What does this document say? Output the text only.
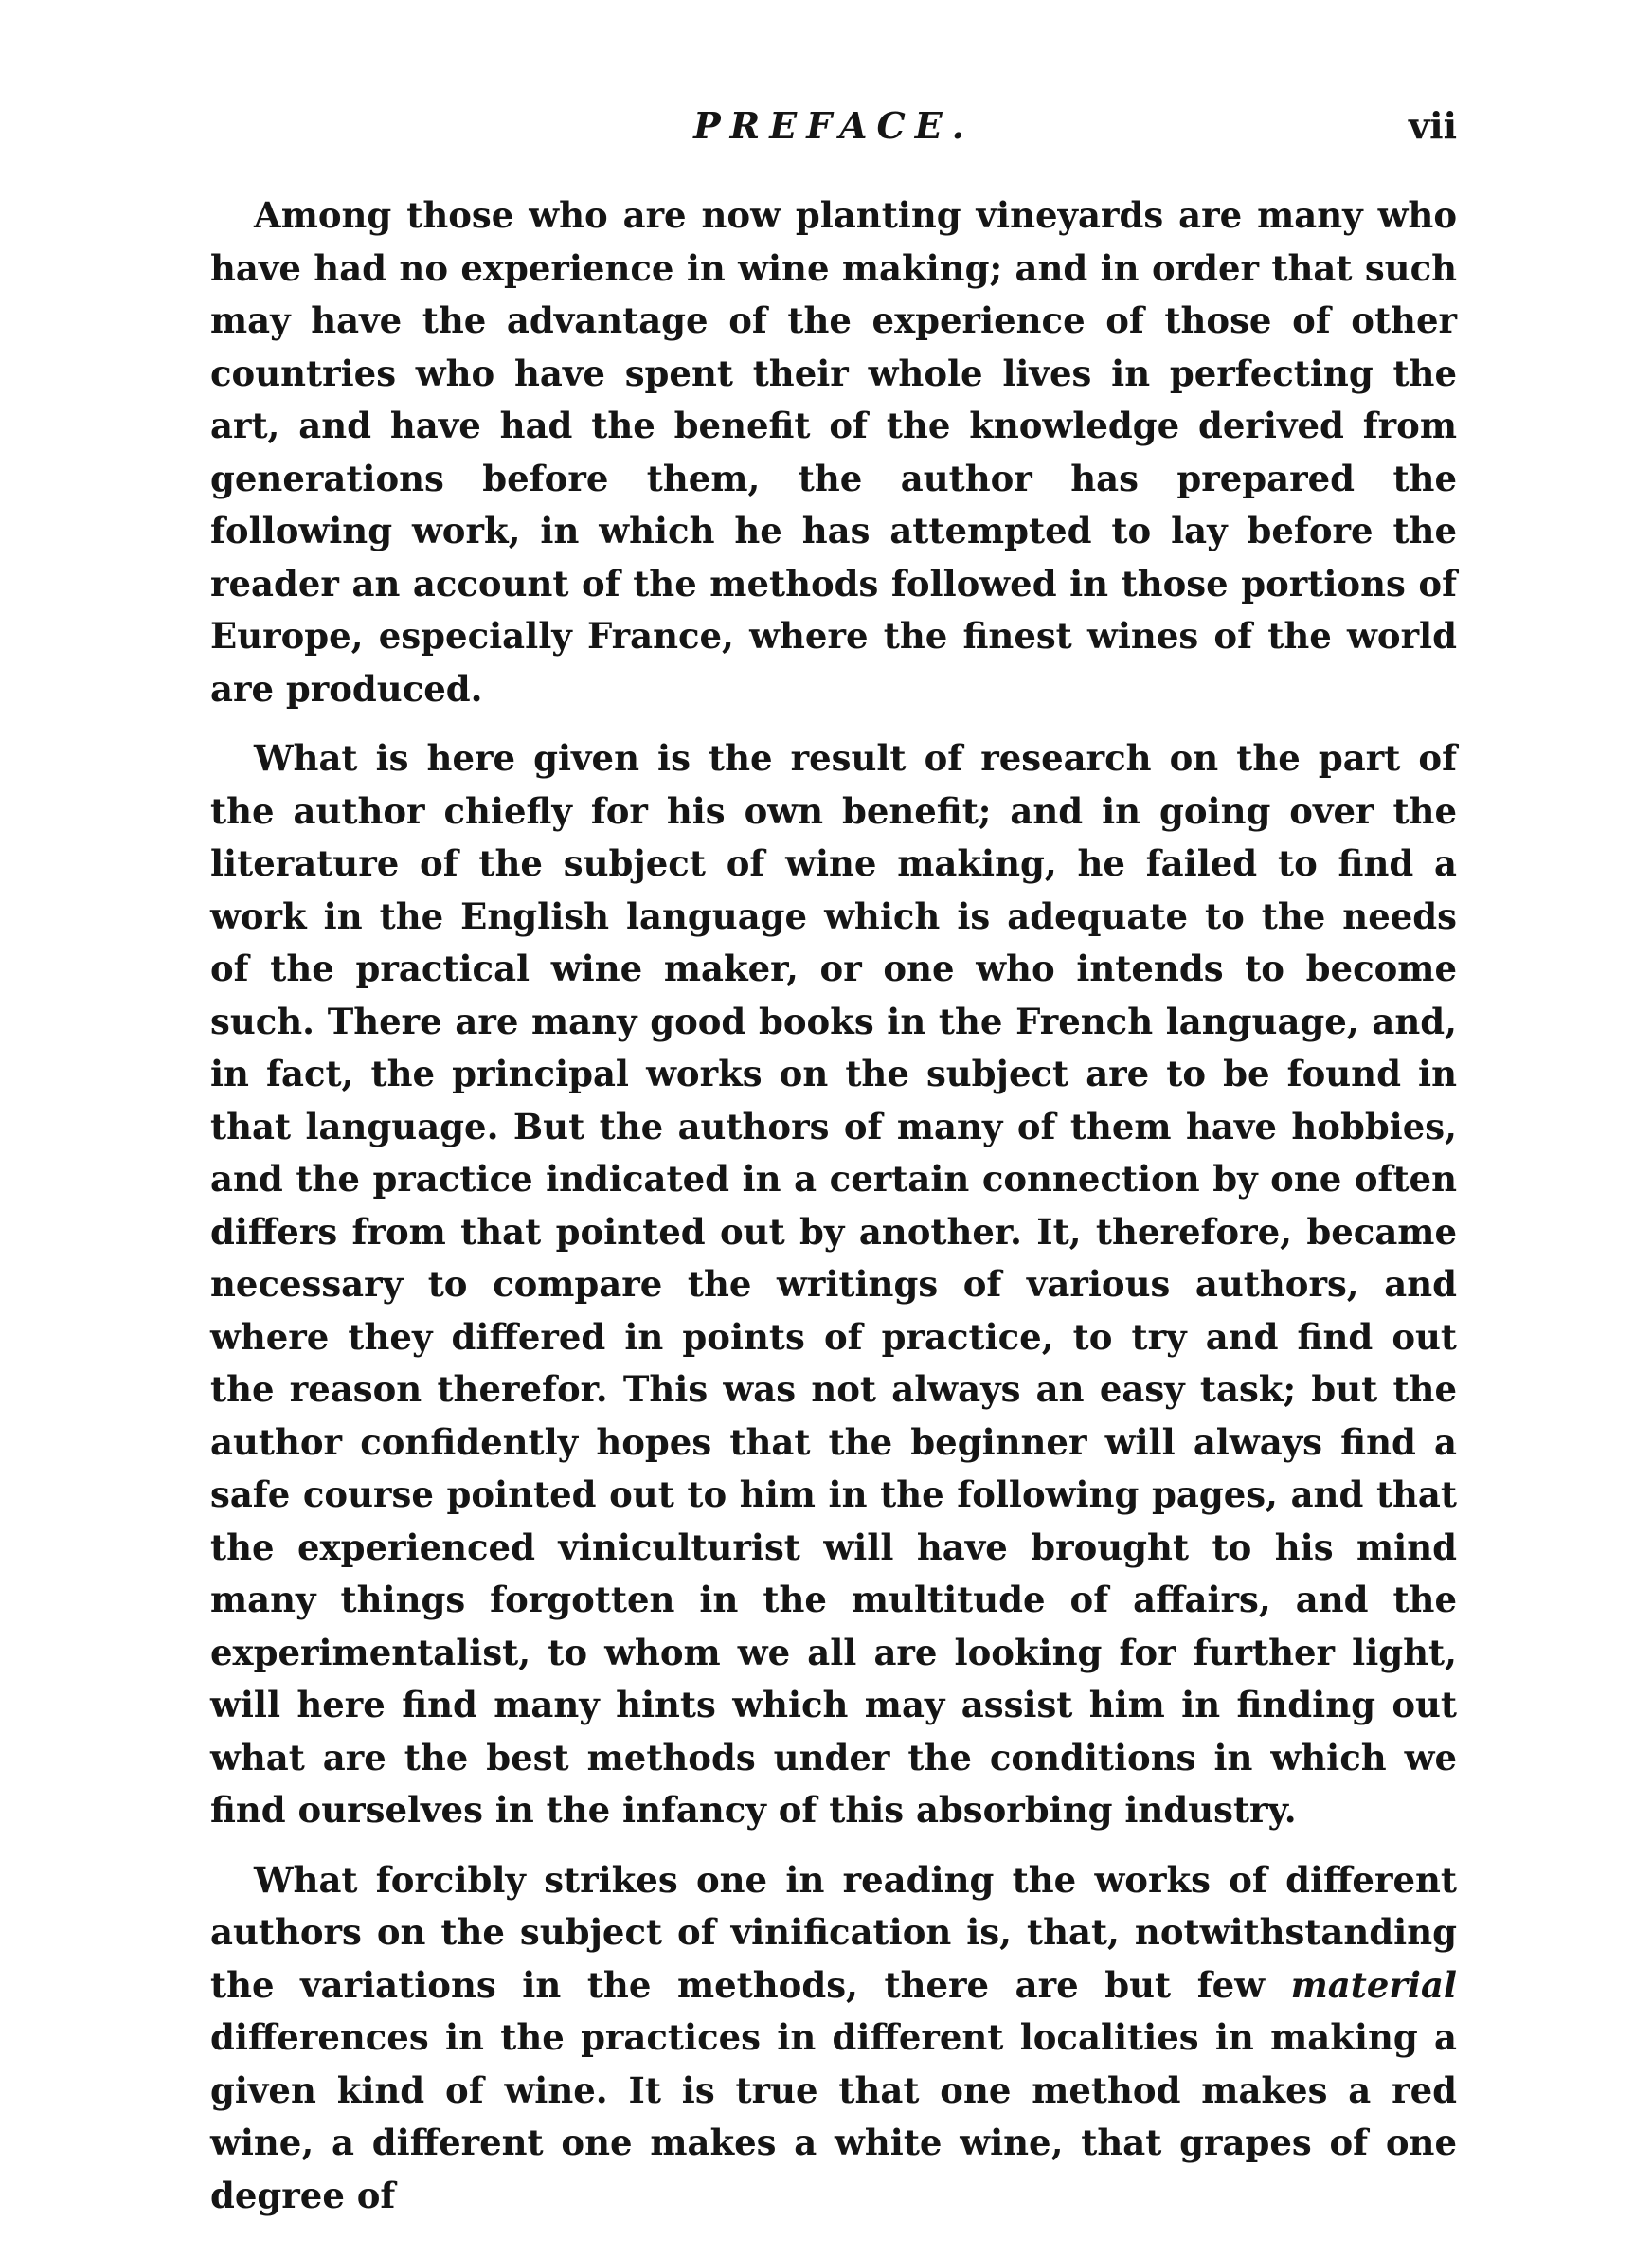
PREFACE.	vii

Among those who are now planting vineyards are many who have had no experience in wine making; and in order that such may have the advantage of the experience of those of other countries who have spent their whole lives in perfecting the art, and have had the benefit of the knowledge derived from generations before them, the author has prepared the following work, in which he has attempted to lay before the reader an account of the methods followed in those portions of Europe, especially France, where the finest wines of the world are produced.

What is here given is the result of research on the part of the author chiefly for his own benefit; and in going over the literature of the subject of wine making, he failed to find a work in the English language which is adequate to the needs of the practical wine maker, or one who intends to become such. There are many good books in the French language, and, in fact, the principal works on the subject are to be found in that language. But the authors of many of them have hobbies, and the practice indicated in a certain connection by one often differs from that pointed out by another. It, therefore, became necessary to compare the writings of various authors, and where they differed in points of practice, to try and find out the reason therefor. This was not always an easy task; but the author confidently hopes that the beginner will always find a safe course pointed out to him in the following pages, and that the experienced viniculturist will have brought to his mind many things forgotten in the multitude of affairs, and the experimentalist, to whom we all are looking for further light, will here find many hints which may assist him in finding out what are the best methods under the conditions in which we find ourselves in the infancy of this absorbing industry.

What forcibly strikes one in reading the works of different authors on the subject of vinification is, that, notwithstanding the variations in the methods, there are but few material differences in the practices in different localities in making a given kind of wine. It is true that one method makes a red wine, a different one makes a white wine, that grapes of one degree of
